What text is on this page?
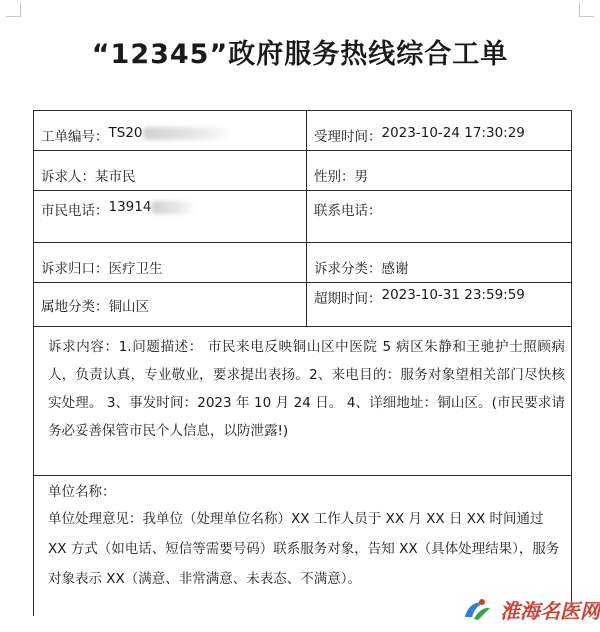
“12345”政府服务热线综合工单
工单编号： TS20	受理时间： 2023-10-24 17:30:29

诉求人： 某市民	性别： 男

市民电话： 13914	联系电话：

诉求归口： 医疗卫生	诉求分类： 感谢

属地分类： 铜山区	超期时间： 2023-10-31 23:59:59

诉求内容：1.问题描述： 市民来电反映铜山区中医院 5 病区朱静和王驰护士照顾病人，负责认真，专业敬业，要求提出表扬。2、来电目的：服务对象望相关部门尽快核实处理。 3、事发时间：2023 年 10 月 24 日。 4、详细地址：铜山区。(市民要求请务必妥善保管市民个人信息，以防泄露!)	

单位名称：
单位处理意见：我单位（处理单位名称）XX 工作人员于 XX 月 XX 日 XX 时间通过 XX 方式（如电话、短信等需要号码）联系服务对象，告知 XX（具体处理结果），服务对象表示 XX（满意、非常满意、未表态、不满意）。	
淮海名医网
